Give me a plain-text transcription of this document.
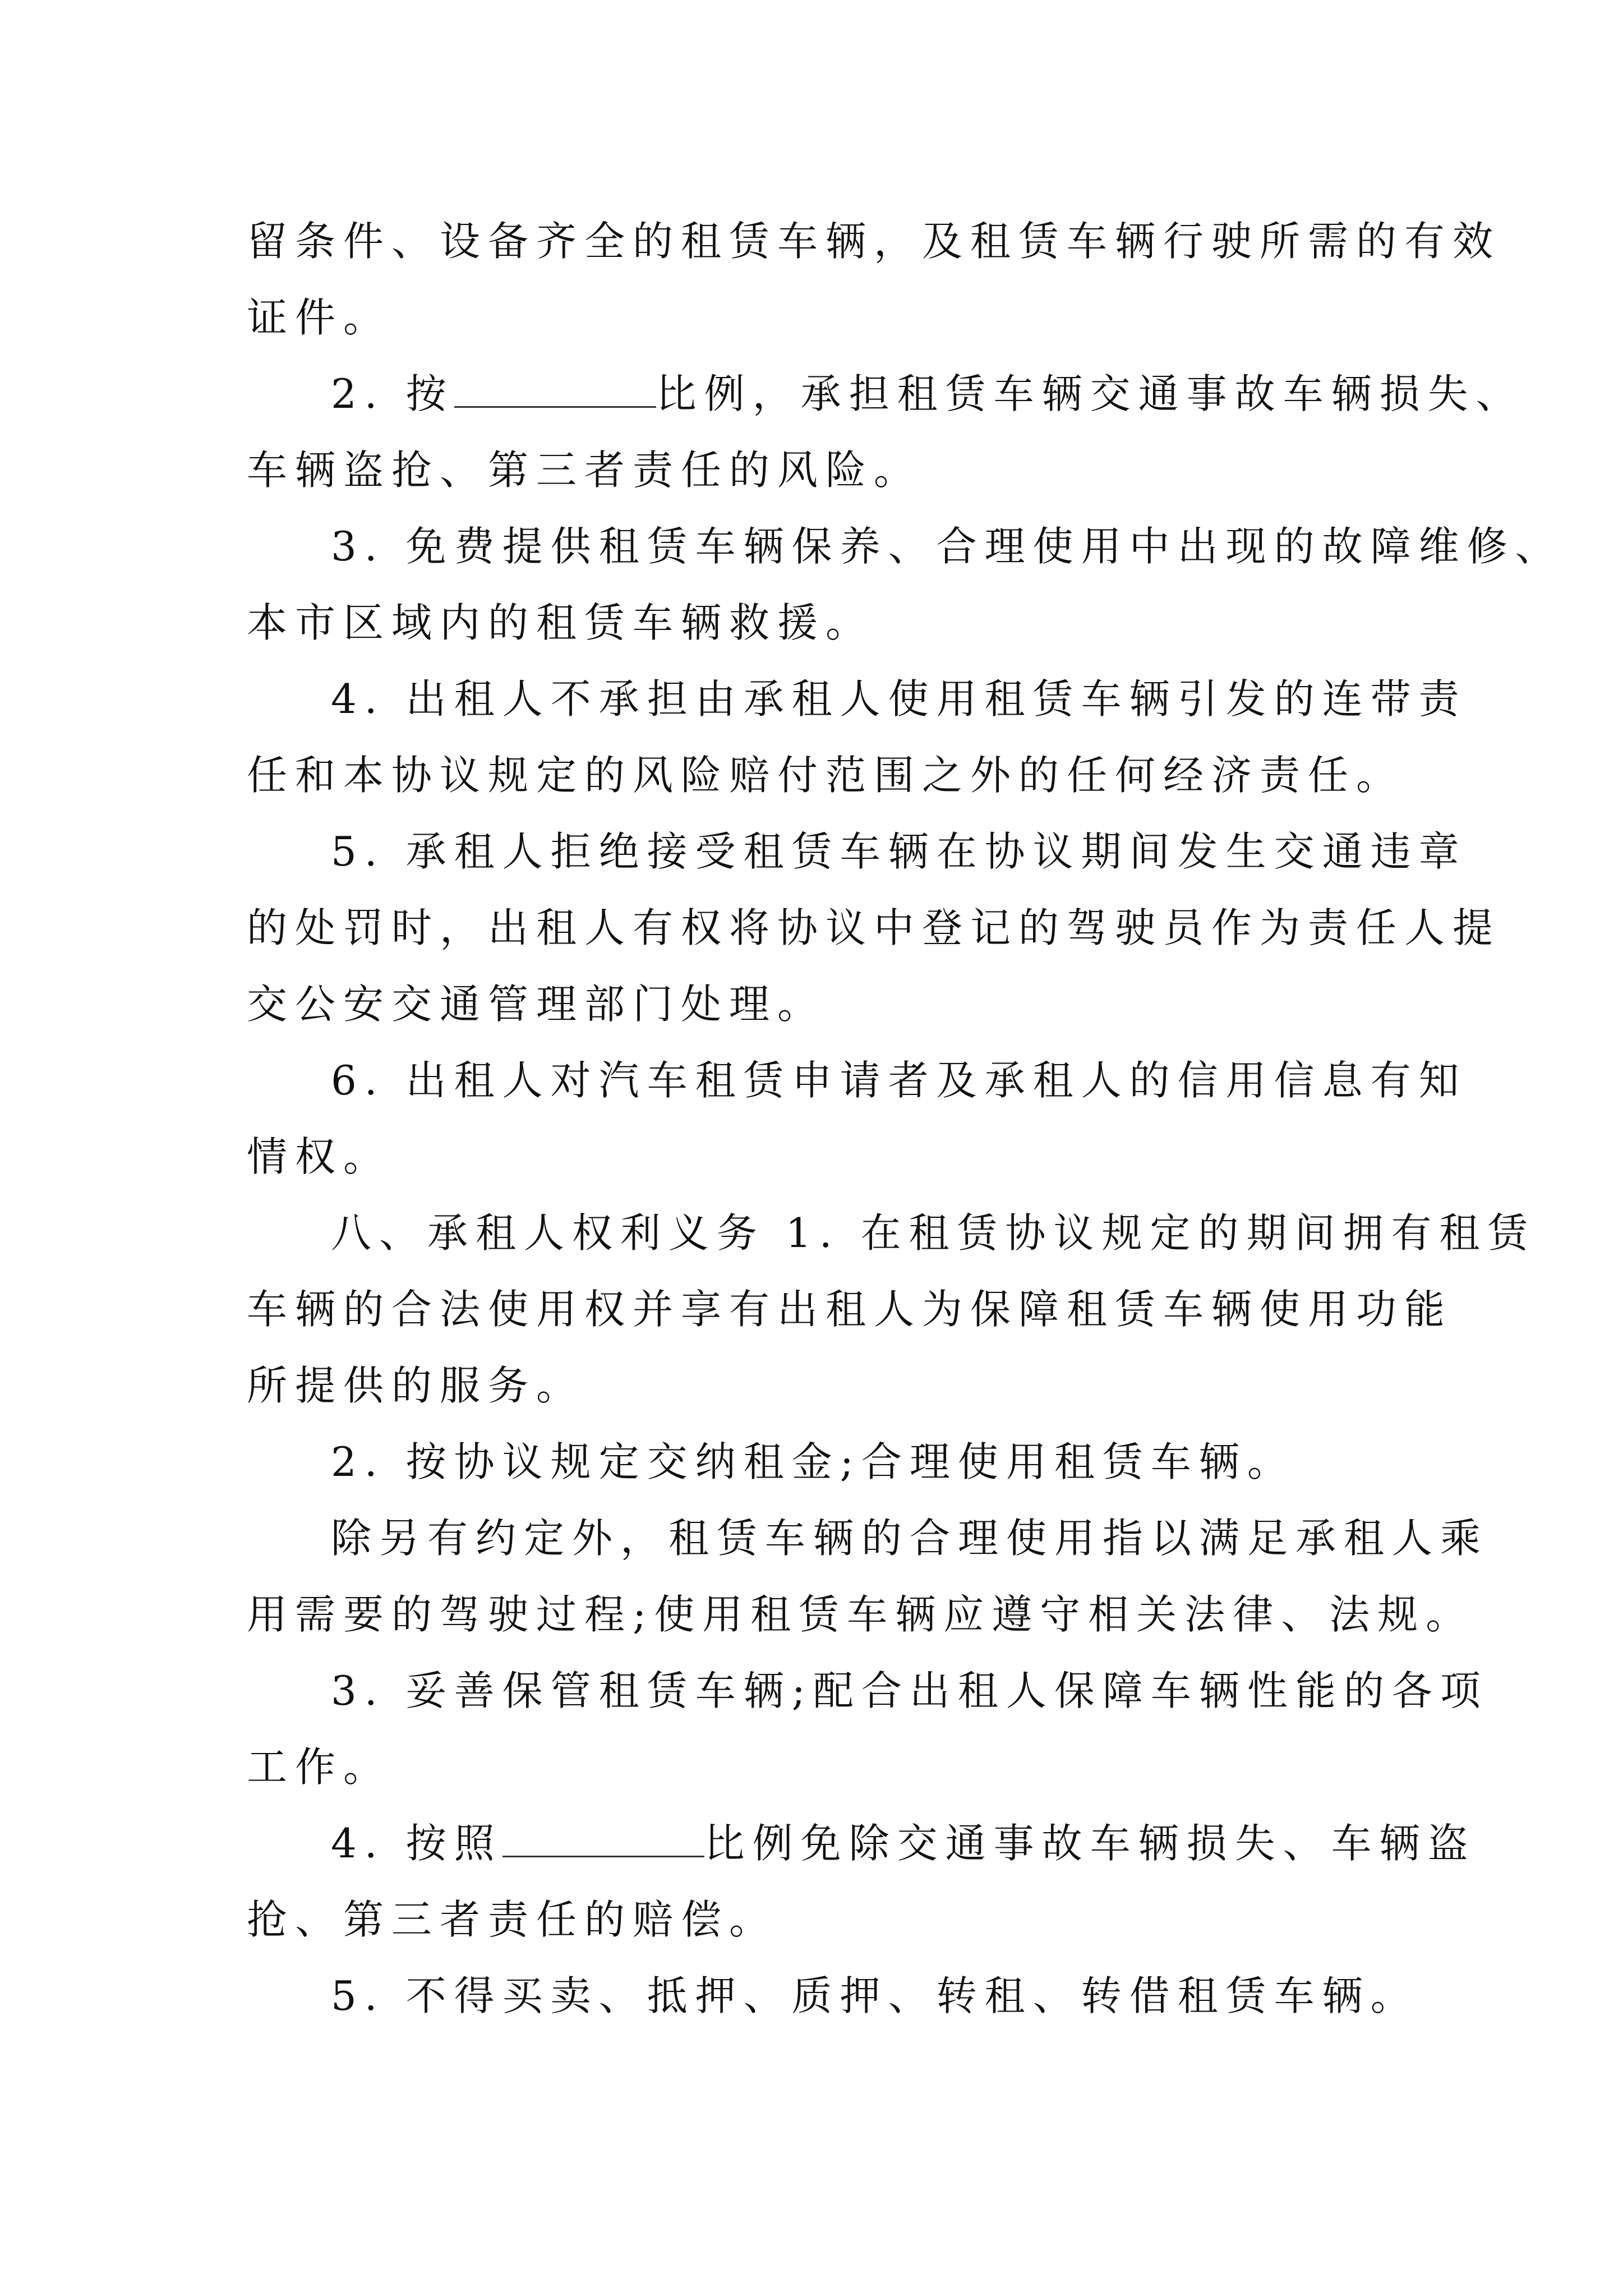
留条件、设备齐全的租赁车辆，及租赁车辆行驶所需的有效
证件。
2. 按	比例，承担租赁车辆交通事故车辆损失、
车辆盗抢、第三者责任的风险。
3. 免费提供租赁车辆保养、合理使用中出现的故障维修、
本市区域内的租赁车辆救援。
4. 出租人不承担由承租人使用租赁车辆引发的连带责
任和本协议规定的风险赔付范围之外的任何经济责任。
5. 承租人拒绝接受租赁车辆在协议期间发生交通违章
的处罚时，出租人有权将协议中登记的驾驶员作为责任人提
交公安交通管理部门处理。
6. 出租人对汽车租赁申请者及承租人的信用信息有知
情权。
八、承租人权利义务 1. 在租赁协议规定的期间拥有租赁
车辆的合法使用权并享有出租人为保障租赁车辆使用功能
所提供的服务。
2. 按协议规定交纳租金;合理使用租赁车辆。
除另有约定外，租赁车辆的合理使用指以满足承租人乘
用需要的驾驶过程;使用租赁车辆应遵守相关法律、法规。
3. 妥善保管租赁车辆;配合出租人保障车辆性能的各项
工作。
4. 按照	比例免除交通事故车辆损失、车辆盗
抢、第三者责任的赔偿。
5. 不得买卖、抵押、质押、转租、转借租赁车辆。
